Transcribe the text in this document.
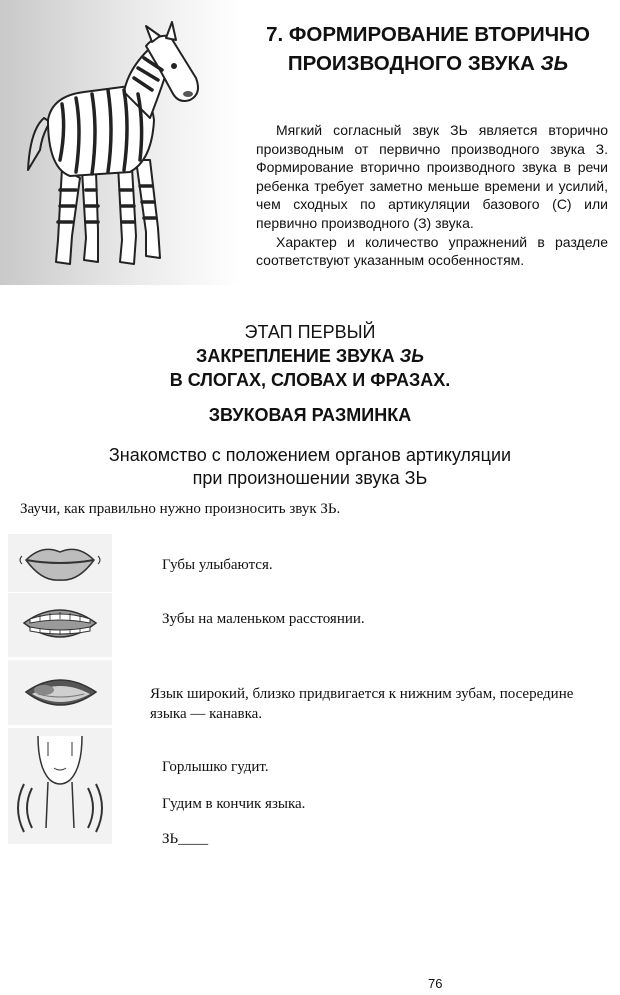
7. ФОРМИРОВАНИЕ ВТОРИЧНО
ПРОИЗВОДНОГО ЗВУКА ЗЬ

Мягкий согласный звук ЗЬ является вторично производным от первично производного звука З. Формирование вторично производного звука в речи ребенка требует заметно меньше времени и усилий, чем сходных по артикуляции базового (С) или первично производного (З) звука.

Характер и количество упражнений в разделе соответствуют указанным особенностям.

ЭТАП ПЕРВЫЙ
ЗАКРЕПЛЕНИЕ ЗВУКА ЗЬ
В СЛОГАХ, СЛОВАХ И ФРАЗАХ.
ЗВУКОВАЯ РАЗМИНКА
Знакомство с положением органов артикуляции
при произношении звука ЗЬ

Заучи, как правильно нужно произносить звук ЗЬ.

Губы улыбаются.

Зубы на маленьком расстоянии.

Язык широкий, близко придвигается к нижним зубам, посередине языка — канавка.

Горлышко гудит.

Гудим в кончик языка.

ЗЬ____

76
